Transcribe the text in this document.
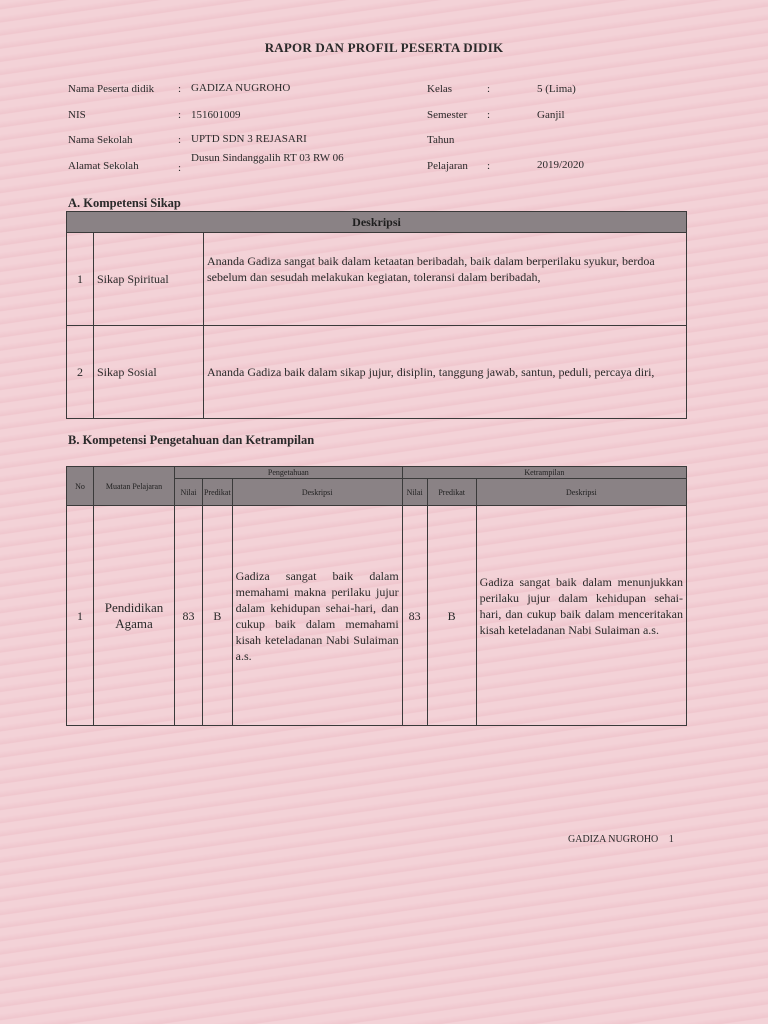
RAPOR DAN PROFIL PESERTA DIDIK
Nama Peserta didik : GADIZA NUGROHO
NIS	: 151601009
Nama Sekolah	: UPTD SDN 3 REJASARI
Alamat Sekolah	:
Dusun Sindanggalih RT 03 RW 06
Kelas	:	5 (Lima)
Semester :	Ganjil
Tahun
Pelajaran :	2019/2020
A. Kompetensi Sikap
Deskripsi		
1	Sikap Spiritual	Ananda Gadiza sangat baik dalam ketaatan beribadah, baik dalam berperilaku syukur, berdoa sebelum dan sesudah melakukan kegiatan, toleransi dalam beribadah,
2	Sikap Sosial	Ananda Gadiza baik dalam sikap jujur, disiplin, tanggung jawab, santun, peduli, percaya diri,
B. Kompetensi Pengetahuan dan Ketrampilan
No	Muatan Pelajaran	Pengetahuan			Ketrampilan		
		Nilai	Predikat	Deskripsi	Nilai	Predikat	Deskripsi
1	Pendidikan Agama	83	B	Gadiza sangat baik dalam memahami makna perilaku jujur dalam kehidupan sehai-hari, dan cukup baik dalam memahami kisah keteladanan Nabi Sulaiman a.s.	83	B	Gadiza sangat baik dalam menunjukkan perilaku jujur dalam kehidupan sehai-hari, dan cukup baik dalam menceritakan kisah keteladanan Nabi Sulaiman a.s.
GADIZA NUGROHO 1
